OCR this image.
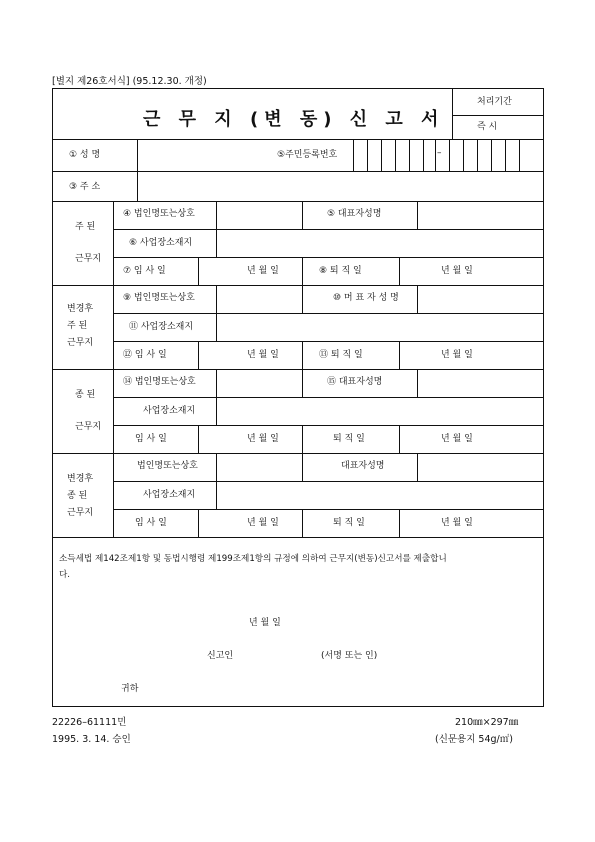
[별지 제26호서식] (95.12.30. 개정)
근 무 지 (변 동) 신 고 서
처리기간
즉 시
① 성 명	⑤주민등록번호	–
③ 주 소
주 된
근무지
④ 법인명또는상호	⑤ 대표자성명
⑥ 사업장소재지
⑦ 임 사 일	년 월 일	⑧ 퇴 직 일	년 월 일
변경후
주 된
근무지
⑨ 법인명또는상호	⑩ 머 표 자 성 명
⑪ 사업장소재지
⑫ 임 사 일	년 월 일	⑬ 퇴 직 일	년 월 일
종 된
근무지
⑭ 법인명또는상호	⑮ 대표자성명
사업장소재지
임 사 일	년 월 일	퇴 직 일	년 월 일
변경후
종 된
근무지
법인명또는상호	대표자성명
사업장소재지
임 사 일	년 월 일	퇴 직 일	년 월 일
소득세법 제142조제1항 및 동법시행령 제199조제1항의 규정에 의하여 근무지(변동)신고서를 제출합니
다.
년 월 일
신고인	(서명 또는 인)
귀하
22226–61111민
1995. 3. 14. 승인
210㎜×297㎜
(신문용지 54g/㎡)
